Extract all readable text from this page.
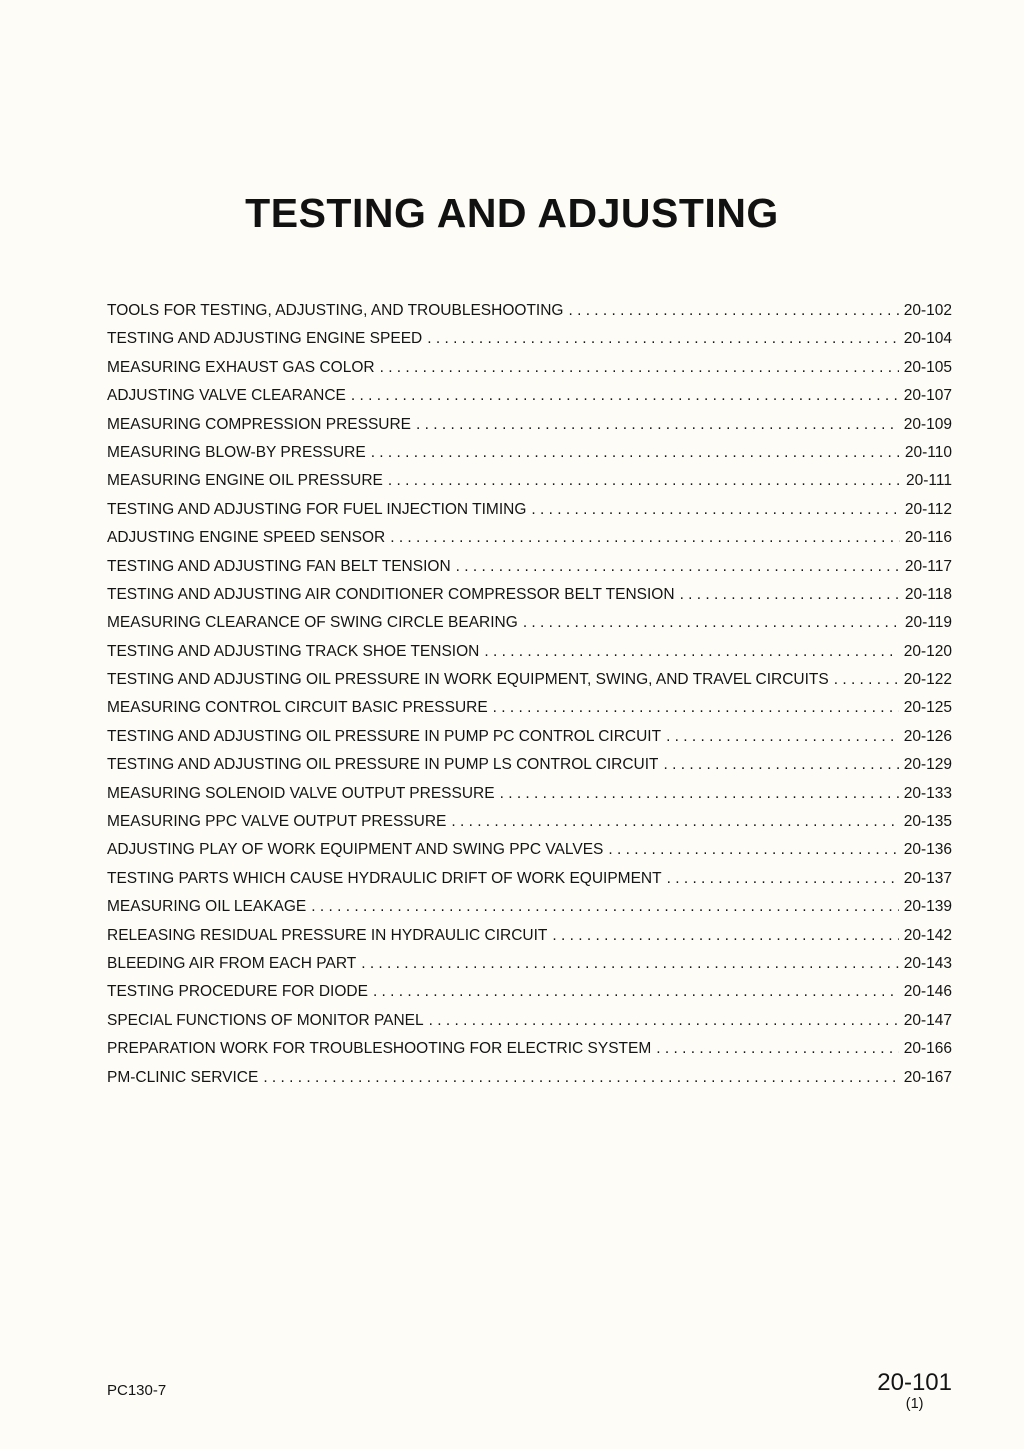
TESTING AND ADJUSTING
TOOLS FOR TESTING, ADJUSTING, AND TROUBLESHOOTING . . .	20-102
TESTING AND ADJUSTING ENGINE SPEED . . .	20-104
MEASURING EXHAUST GAS COLOR . . .	20-105
ADJUSTING VALVE CLEARANCE . . .	20-107
MEASURING COMPRESSION PRESSURE . . .	20-109
MEASURING BLOW-BY PRESSURE . . .	20-110
MEASURING ENGINE OIL PRESSURE . . .	20-111
TESTING AND ADJUSTING FOR FUEL INJECTION TIMING . . .	20-112
ADJUSTING ENGINE SPEED SENSOR . . .	20-116
TESTING AND ADJUSTING FAN BELT TENSION . . .	20-117
TESTING AND ADJUSTING AIR CONDITIONER COMPRESSOR BELT TENSION . . .	20-118
MEASURING CLEARANCE OF SWING CIRCLE BEARING . . .	20-119
TESTING AND ADJUSTING TRACK SHOE TENSION . . .	20-120
TESTING AND ADJUSTING OIL PRESSURE IN WORK EQUIPMENT, SWING, AND TRAVEL CIRCUITS . . .	20-122
MEASURING CONTROL CIRCUIT BASIC PRESSURE . . .	20-125
TESTING AND ADJUSTING OIL PRESSURE IN PUMP PC CONTROL CIRCUIT . . .	20-126
TESTING AND ADJUSTING OIL PRESSURE IN PUMP LS CONTROL CIRCUIT . . .	20-129
MEASURING SOLENOID VALVE OUTPUT PRESSURE . . .	20-133
MEASURING PPC VALVE OUTPUT PRESSURE . . .	20-135
ADJUSTING PLAY OF WORK EQUIPMENT AND SWING PPC VALVES . . .	20-136
TESTING PARTS WHICH CAUSE HYDRAULIC DRIFT OF WORK EQUIPMENT . . .	20-137
MEASURING OIL LEAKAGE . . .	20-139
RELEASING RESIDUAL PRESSURE IN HYDRAULIC CIRCUIT . . .	20-142
BLEEDING AIR FROM EACH PART . . .	20-143
TESTING PROCEDURE FOR DIODE . . .	20-146
SPECIAL FUNCTIONS OF MONITOR PANEL . . .	20-147
PREPARATION WORK FOR TROUBLESHOOTING FOR ELECTRIC SYSTEM . . .	20-166
PM-CLINIC SERVICE . . .	20-167
PC130-7	20-101
(1)
